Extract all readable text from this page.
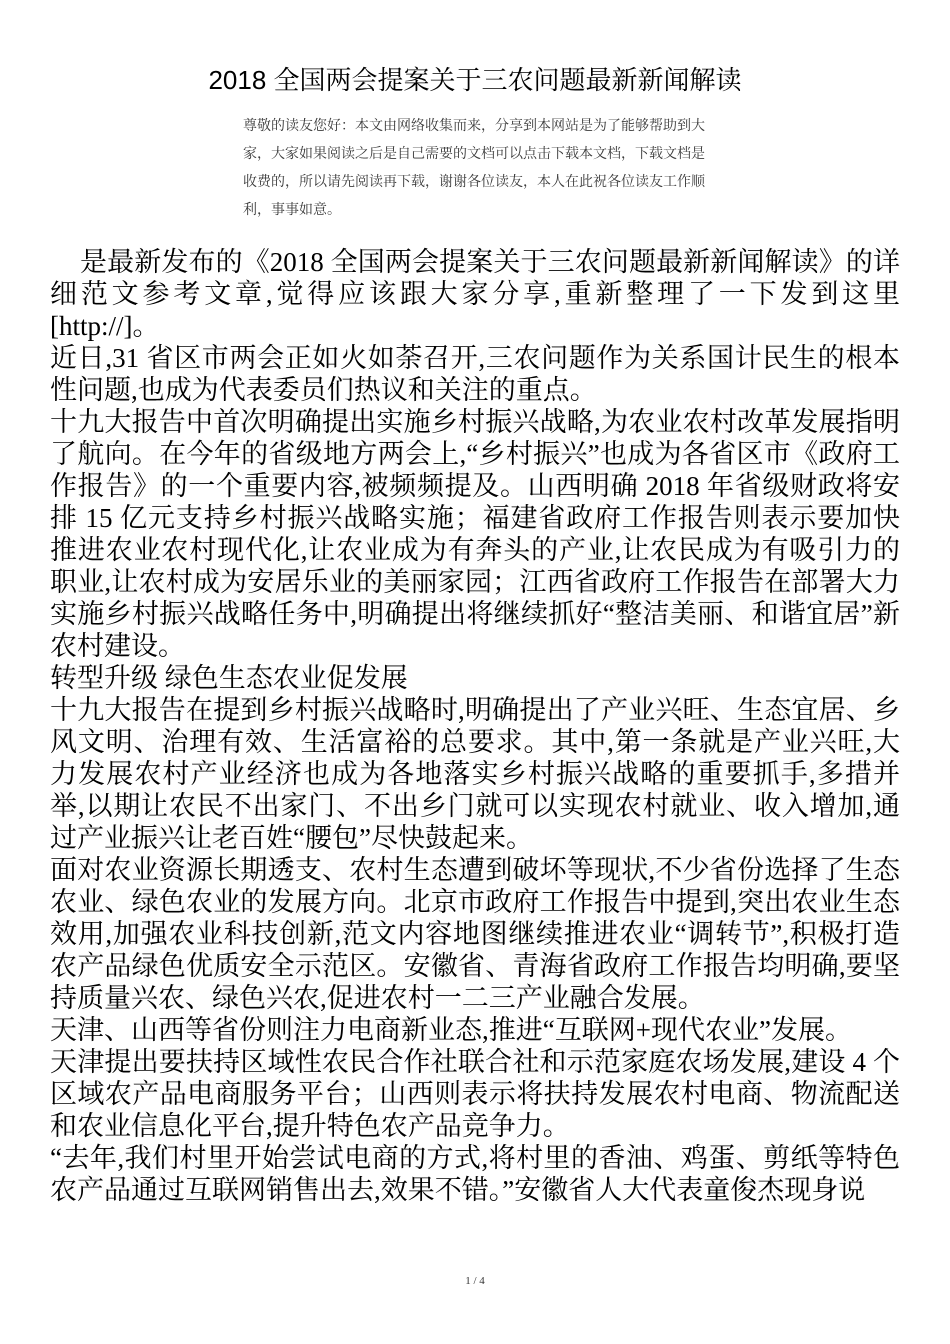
2018 全国两会提案关于三农问题最新新闻解读

尊敬的读友您好：本文由网络收集而来，分享到本网站是为了能够帮助到大家，大家如果阅读之后是自己需要的文档可以点击下载本文档，下载文档是收费的，所以请先阅读再下载，谢谢各位读友，本人在此祝各位读友工作顺利，事事如意。

是最新发布的《2018 全国两会提案关于三农问题最新新闻解读》的详细范文参考文章,觉得应该跟大家分享,重新整理了一下发到这里[http://]。

近日,31 省区市两会正如火如荼召开,三农问题作为关系国计民生的根本性问题,也成为代表委员们热议和关注的重点。

十九大报告中首次明确提出实施乡村振兴战略,为农业农村改革发展指明了航向。在今年的省级地方两会上,“乡村振兴”也成为各省区市《政府工作报告》的一个重要内容,被频频提及。山西明确 2018 年省级财政将安排 15 亿元支持乡村振兴战略实施；福建省政府工作报告则表示要加快推进农业农村现代化,让农业成为有奔头的产业,让农民成为有吸引力的职业,让农村成为安居乐业的美丽家园；江西省政府工作报告在部署大力实施乡村振兴战略任务中,明确提出将继续抓好“整洁美丽、和谐宜居”新农村建设。

转型升级 绿色生态农业促发展

十九大报告在提到乡村振兴战略时,明确提出了产业兴旺、生态宜居、乡风文明、治理有效、生活富裕的总要求。其中,第一条就是产业兴旺,大力发展农村产业经济也成为各地落实乡村振兴战略的重要抓手,多措并举,以期让农民不出家门、不出乡门就可以实现农村就业、收入增加,通过产业振兴让老百姓“腰包”尽快鼓起来。

面对农业资源长期透支、农村生态遭到破坏等现状,不少省份选择了生态农业、绿色农业的发展方向。北京市政府工作报告中提到,突出农业生态效用,加强农业科技创新,范文内容地图继续推进农业“调转节”,积极打造农产品绿色优质安全示范区。安徽省、青海省政府工作报告均明确,要坚持质量兴农、绿色兴农,促进农村一二三产业融合发展。

天津、山西等省份则注力电商新业态,推进“互联网+现代农业”发展。

天津提出要扶持区域性农民合作社联合社和示范家庭农场发展,建设 4 个区域农产品电商服务平台；山西则表示将扶持发展农村电商、物流配送和农业信息化平台,提升特色农产品竞争力。

“去年,我们村里开始尝试电商的方式,将村里的香油、鸡蛋、剪纸等特色农产品通过互联网销售出去,效果不错。”安徽省人大代表童俊杰现身说

1 / 4
